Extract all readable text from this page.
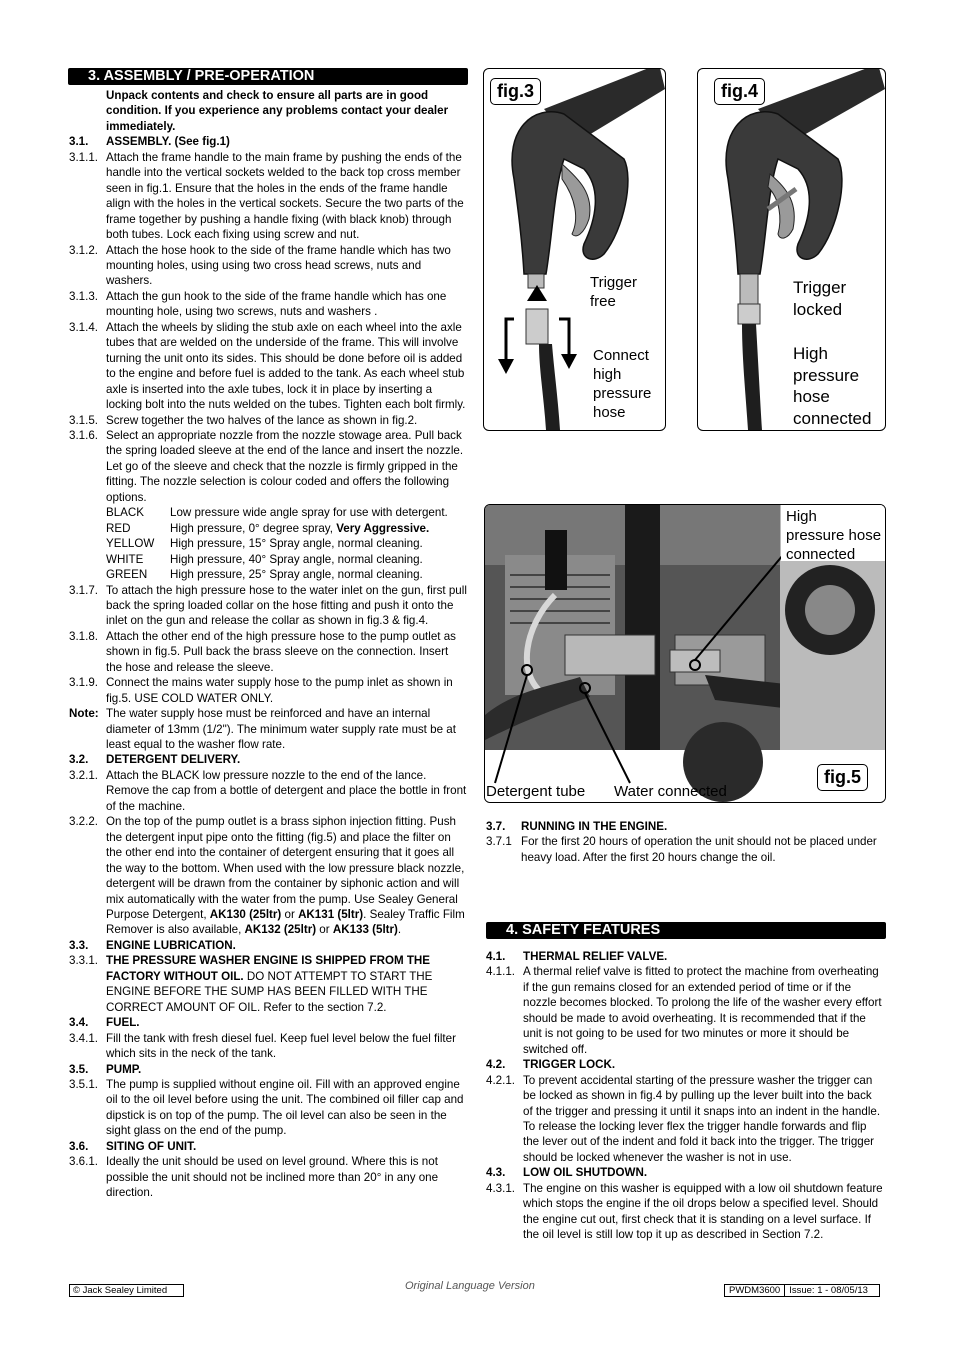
3. ASSEMBLY / PRE-OPERATION
Unpack contents and check to ensure all parts are in good condition. If you experience any problems contact your dealer immediately.
3.1.	ASSEMBLY. (See fig.1)
3.1.1. Attach the frame handle to the main frame by pushing the ends of the handle into the vertical sockets welded to the back top cross member seen in fig.1. Ensure that the holes in the ends of the frame handle align with the holes in the vertical sockets. Secure the two parts of the frame together by pushing a handle fixing (with black knob) through both tubes. Lock each fixing using screw and nut.
3.1.2. Attach the hose hook to the side of the frame handle which has two mounting holes, using using two cross head screws, nuts and washers.
3.1.3. Attach the gun hook to the side of the frame handle which has one mounting hole, using two screws, nuts and washers .
3.1.4. Attach the wheels by sliding the stub axle on each wheel into the axle tubes that are welded on the underside of the frame. This will involve turning the unit onto its sides. This should be done before oil is added to the engine and before fuel is added to the tank. As each wheel stub axle is inserted into the axle tubes, lock it in place by inserting a locking bolt into the nuts welded on the tubes. Tighten each bolt firmly.
3.1.5. Screw together the two halves of the lance as shown in fig.2.
3.1.6. Select an appropriate nozzle from the nozzle stowage area. Pull back the spring loaded sleeve at the end of the lance and insert the nozzle. Let go of the sleeve and check that the nozzle is firmly gripped in the fitting. The nozzle selection is colour coded and offers the following options.
BLACK	Low pressure wide angle spray for use with detergent.
RED	High pressure, 0° degree spray, Very Aggressive.
YELLOW	High pressure, 15° Spray angle, normal cleaning.
WHITE	High pressure, 40° Spray angle, normal cleaning.
GREEN	High pressure, 25° Spray angle, normal cleaning.
3.1.7. To attach the high pressure hose to the water inlet on the gun, first pull back the spring loaded collar on the hose fitting and push it onto the inlet on the gun and release the collar as shown in fig.3 & fig.4.
3.1.8. Attach the other end of the high pressure hose to the pump outlet as shown in fig.5. Pull back the brass sleeve on the connection. Insert the hose and release the sleeve.
3.1.9. Connect the mains water supply hose to the pump inlet as shown in fig.5. USE COLD WATER ONLY.
Note: The water supply hose must be reinforced and have an internal diameter of 13mm (1/2"). The minimum water supply rate must be at least equal to the washer flow rate.
3.2.	DETERGENT DELIVERY.
3.2.1. Attach the BLACK low pressure nozzle to the end of the lance. Remove the cap from a bottle of detergent and place the bottle in front of the machine.
3.2.2. On the top of the pump outlet is a brass siphon injection fitting. Push the detergent input pipe onto the fitting (fig.5) and place the filter on the other end into the container of detergent ensuring that it goes all the way to the bottom. When used with the low pressure black nozzle, detergent will be drawn from the container by siphonic action and will mix automatically with the water from the pump. Use Sealey General Purpose Detergent, AK130 (25ltr) or AK131 (5ltr). Sealey Traffic Film Remover is also available, AK132 (25ltr) or AK133 (5ltr).
3.3.	ENGINE LUBRICATION.
3.3.1. THE PRESSURE WASHER ENGINE IS SHIPPED FROM THE FACTORY WITHOUT OIL. DO NOT ATTEMPT TO START THE ENGINE BEFORE THE SUMP HAS BEEN FILLED WITH THE CORRECT AMOUNT OF OIL. Refer to the section 7.2.
3.4.	FUEL.
3.4.1. Fill the tank with fresh diesel fuel. Keep fuel level below the fuel filter which sits in the neck of the tank.
3.5.	PUMP.
3.5.1. The pump is supplied without engine oil. Fill with an approved engine oil to the oil level before using the unit. The combined oil filler cap and dipstick is on top of the pump. The oil level can also be seen in the sight glass on the end of the pump.
3.6.	SITING OF UNIT.
3.6.1. Ideally the unit should be used on level ground. Where this is not possible the unit should not be inclined more than 20° in any one direction.
fig.3
Trigger
free
Connect
high
pressure
hose
fig.4
Trigger
locked
High
pressure
hose
connected
High
pressure hose
connected
Detergent tube Water connected
fig.5
3.7.	RUNNING IN THE ENGINE.
3.7.1 For the first 20 hours of operation the unit should not be placed under heavy load. After the first 20 hours change the oil.
4. SAFETY FEATURES
4.1.	THERMAL RELIEF VALVE.
4.1.1. A thermal relief valve is fitted to protect the machine from overheating if the gun remains closed for an extended period of time or if the nozzle becomes blocked. To prolong the life of the washer every effort should be made to avoid overheating. It is recommended that if the unit is not going to be used for two minutes or more it should be switched off.
4.2.	TRIGGER LOCK.
4.2.1. To prevent accidental starting of the pressure washer the trigger can be locked as shown in fig.4 by pulling up the lever built into the back of the trigger and pressing it until it snaps into an indent in the handle. To release the locking lever flex the trigger handle forwards and flip the lever out of the indent and fold it back into the trigger. The trigger should be locked whenever the washer is not in use.
4.3.	LOW OIL SHUTDOWN.
4.3.1. The engine on this washer is equipped with a low oil shutdown feature which stops the engine if the oil drops below a specified level. Should the engine cut out, first check that it is standing on a level surface. If the oil level is still low top it up as described in Section 7.2.
© Jack Sealey Limited	Original Language Version	PWDM3600 Issue: 1 - 08/05/13
